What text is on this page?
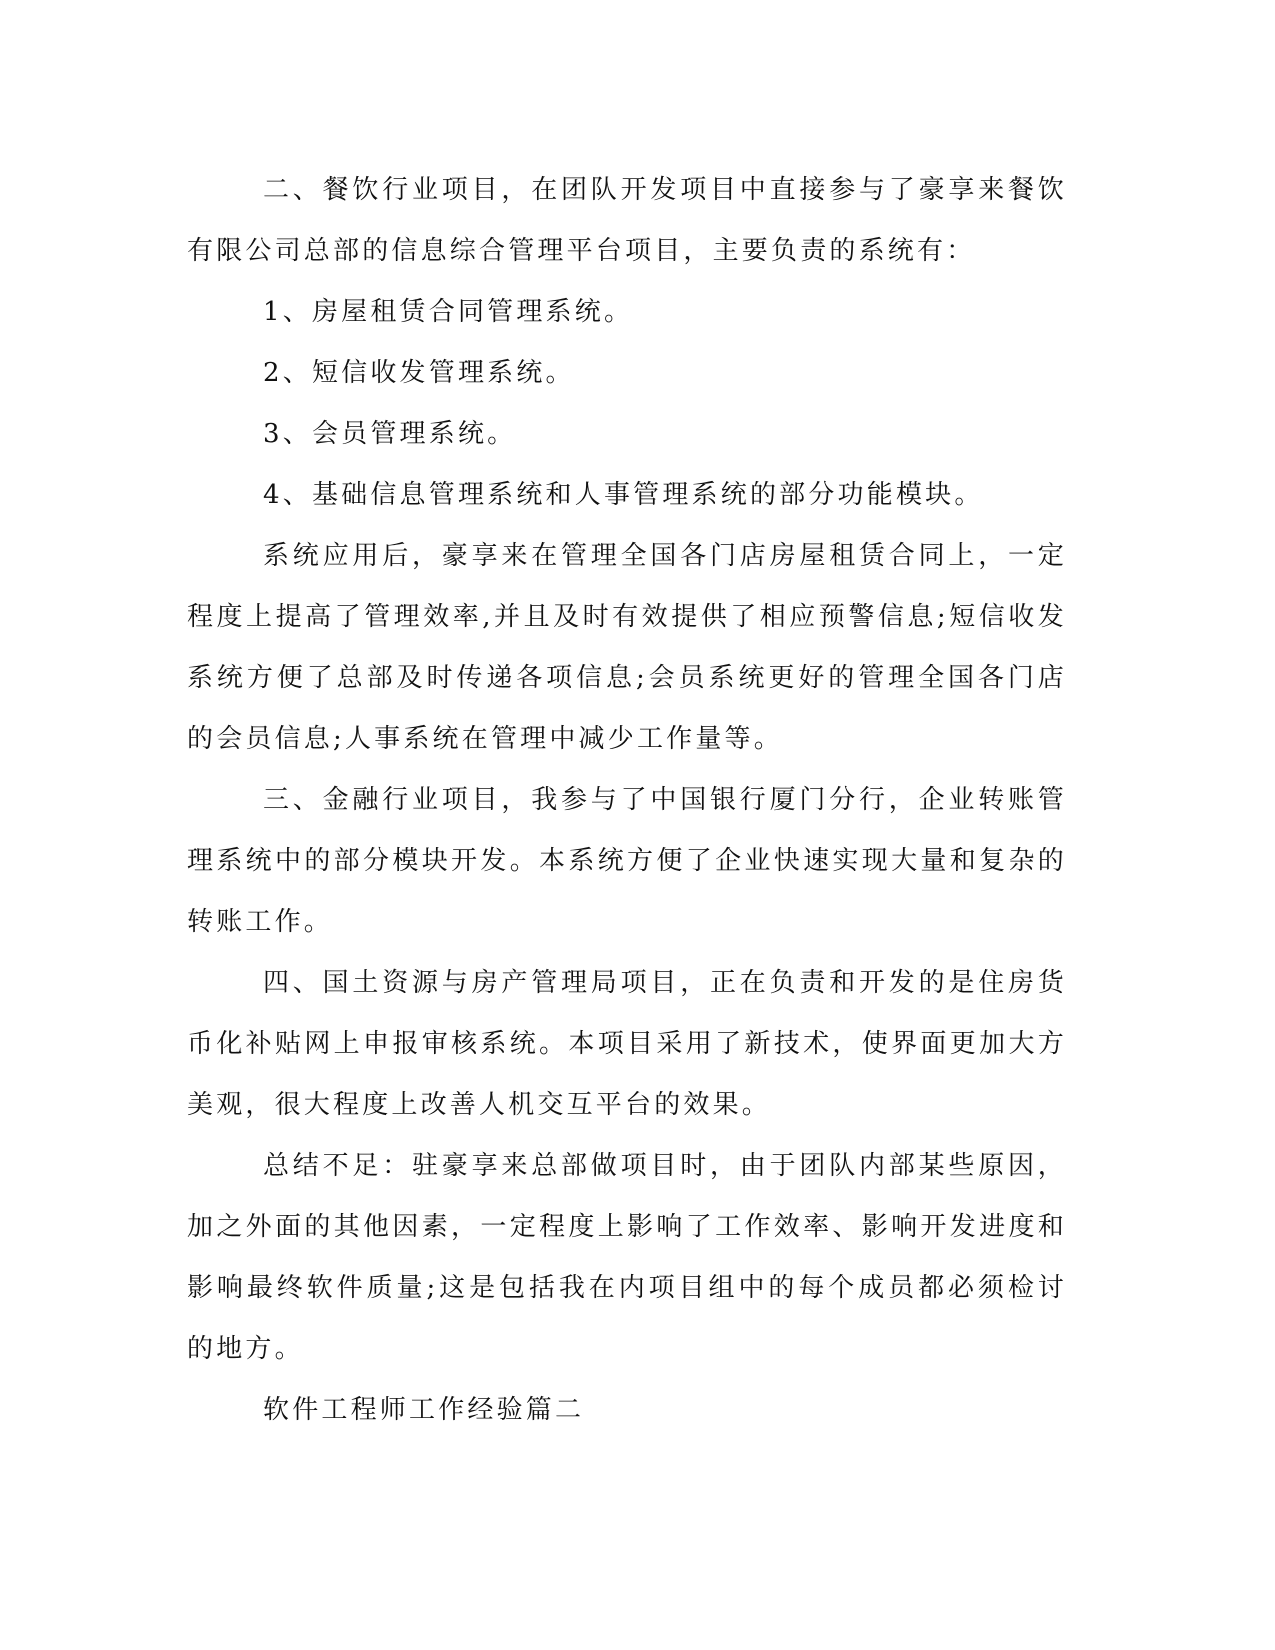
二、餐饮行业项目，在团队开发项目中直接参与了豪享来餐饮有限公司总部的信息综合管理平台项目，主要负责的系统有：

1、房屋租赁合同管理系统。

2、短信收发管理系统。

3、会员管理系统。

4、基础信息管理系统和人事管理系统的部分功能模块。

系统应用后，豪享来在管理全国各门店房屋租赁合同上，一定程度上提高了管理效率,并且及时有效提供了相应预警信息;短信收发系统方便了总部及时传递各项信息;会员系统更好的管理全国各门店的会员信息;人事系统在管理中减少工作量等。

三、金融行业项目，我参与了中国银行厦门分行，企业转账管理系统中的部分模块开发。本系统方便了企业快速实现大量和复杂的转账工作。

四、国土资源与房产管理局项目，正在负责和开发的是住房货币化补贴网上申报审核系统。本项目采用了新技术，使界面更加大方美观，很大程度上改善人机交互平台的效果。

总结不足：驻豪享来总部做项目时，由于团队内部某些原因，加之外面的其他因素，一定程度上影响了工作效率、影响开发进度和影响最终软件质量;这是包括我在内项目组中的每个成员都必须检讨的地方。

软件工程师工作经验篇二
